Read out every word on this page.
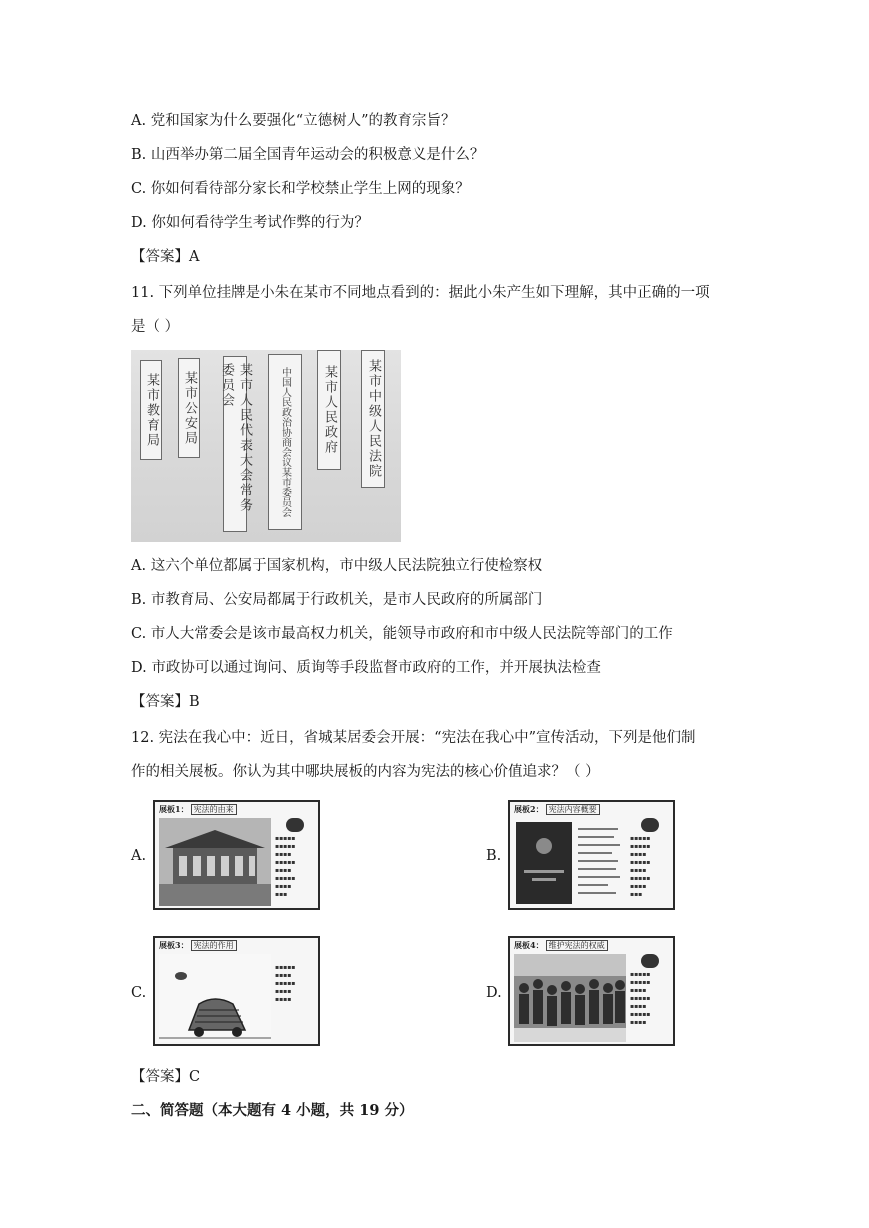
A. 党和国家为什么要强化“立德树人”的教育宗旨？
B. 山西举办第二届全国青年运动会的积极意义是什么？
C. 你如何看待部分家长和学校禁止学生上网的现象？
D. 你如何看待学生考试作弊的行为？
【答案】A
11. 下列单位挂牌是小朱在某市不同地点看到的：据此小朱产生如下理解，其中正确的一项
是（ ）
某市教育局	某市公安局	某市人民代表大会常务委员会	中国人民政治协商会议某市委员会	某市人民政府	某市中级人民法院
A. 这六个单位都属于国家机构，市中级人民法院独立行使检察权
B. 市教育局、公安局都属于行政机关，是市人民政府的所属部门
C. 市人大常委会是该市最高权力机关，能领导市政府和市中级人民法院等部门的工作
D. 市政协可以通过询问、质询等手段监督市政府的工作，并开展执法检查
【答案】B
12. 宪法在我心中：近日，省城某居委会开展：“宪法在我心中”宣传活动，下列是他们制
作的相关展板。你认为其中哪块展板的内容为宪法的核心价值追求？（ ）
A.
展板1： 宪法的由来
▪▪▪▪▪
▪▪▪▪▪
▪▪▪▪
▪▪▪▪▪
▪▪▪▪
▪▪▪▪▪
▪▪▪▪
▪▪▪
B.
展板2： 宪法内容概要
▪▪▪▪▪
▪▪▪▪▪
▪▪▪▪
▪▪▪▪▪
▪▪▪▪
▪▪▪▪▪
▪▪▪▪
▪▪▪
C.
展板3： 宪法的作用
▪▪▪▪▪
▪▪▪▪
▪▪▪▪▪
▪▪▪▪
▪▪▪▪	D.
展板4： 维护宪法的权威
▪▪▪▪▪
▪▪▪▪▪
▪▪▪▪
▪▪▪▪▪
▪▪▪▪
▪▪▪▪▪
▪▪▪▪
【答案】C
二、简答题（本大题有 4 小题，共 19 分）
